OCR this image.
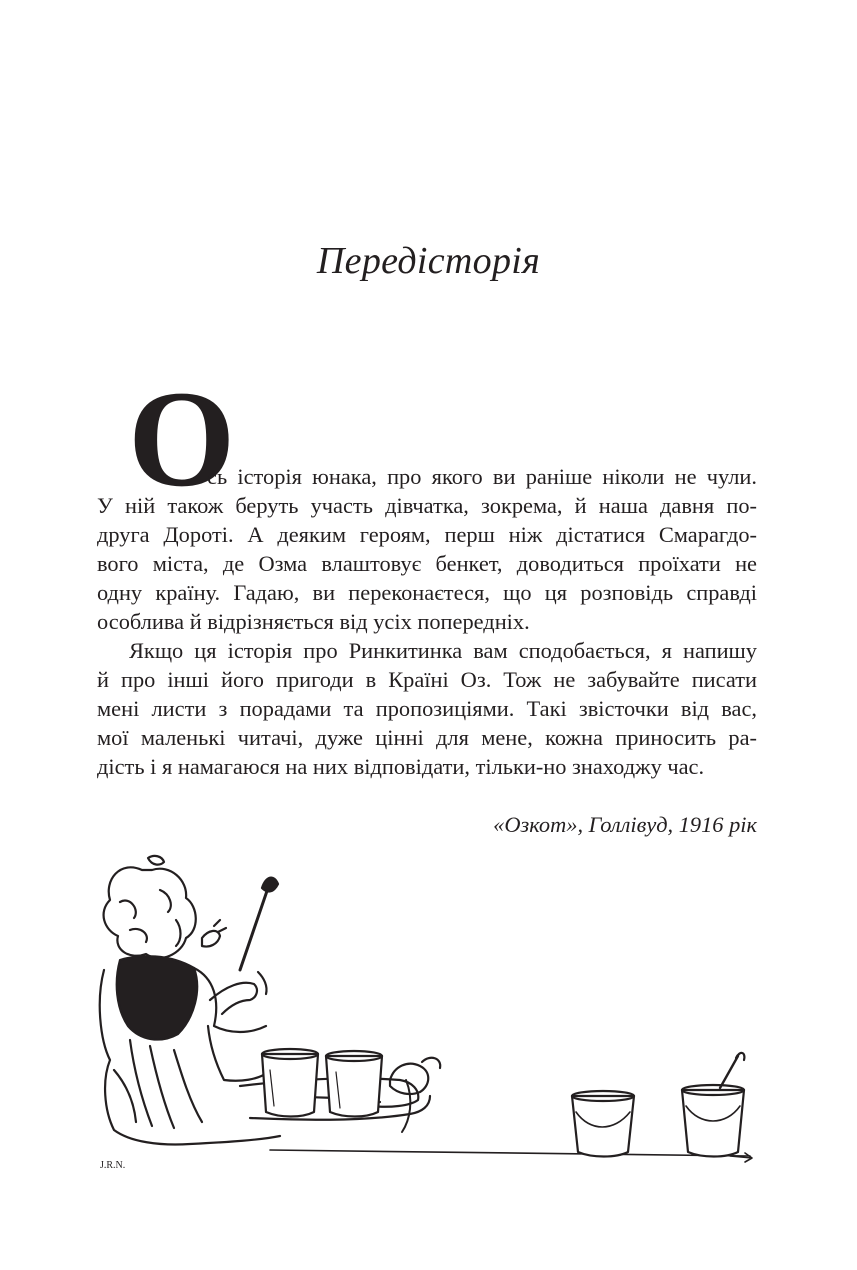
Передісторія
О
сь історія юнака, про якого ви раніше ніколи не чули.
У ній також беруть участь дівчатка, зокрема, й наша давня по-
друга Дороті. А деяким героям, перш ніж дістатися Смарагдо-
вого міста, де Озма влаштовує бенкет, доводиться проїхати не
одну країну. Гадаю, ви переконаєтеся, що ця розповідь справді
особлива й відрізняється від усіх попередніх.
Якщо ця історія про Ринкитинка вам сподобається, я напишу
й про інші його пригоди в Країні Оз. Тож не забувайте писати
мені листи з порадами та пропозиціями. Такі звісточки від вас,
мої маленькі читачі, дуже цінні для мене, кожна приносить ра-
дість і я намагаюся на них відповідати, тільки-но знаходжу час.
«Озкот», Голлівуд, 1916 рік
J.R.N.
